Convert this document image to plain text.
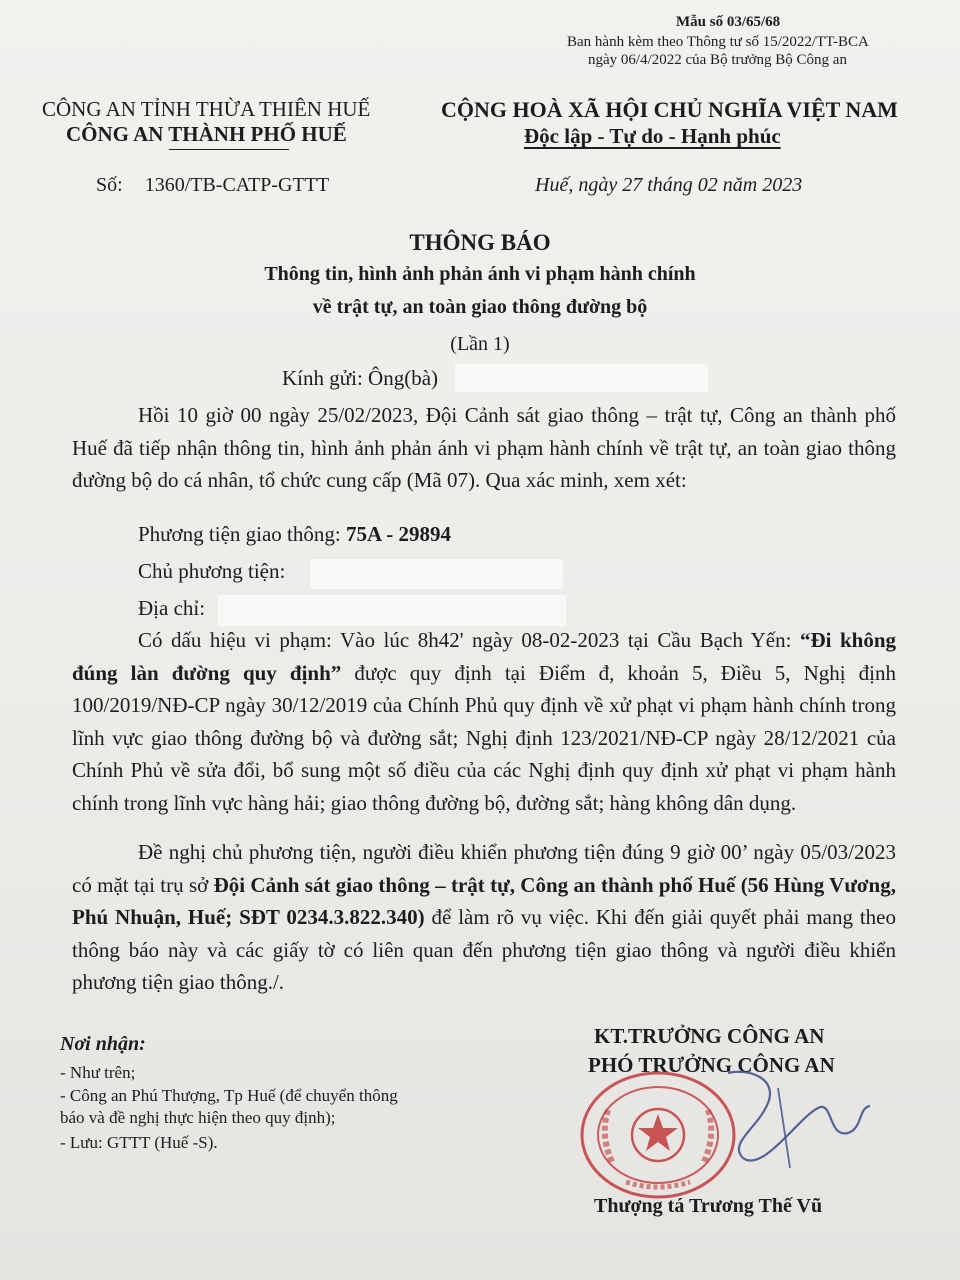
Mẫu số 03/65/68
Ban hành kèm theo Thông tư số 15/2022/TT-BCA
ngày 06/4/2022 của Bộ trưởng Bộ Công an
CÔNG AN TỈNH THỪA THIÊN HUẾ
CÔNG AN THÀNH PHỐ HUẾ
CỘNG HOÀ XÃ HỘI CHỦ NGHĨA VIỆT NAM
Độc lập - Tự do - Hạnh phúc
Số: 1360/TB-CATP-GTTT	Huế, ngày 27 tháng 02 năm 2023
THÔNG BÁO
Thông tin, hình ảnh phản ánh vi phạm hành chính
về trật tự, an toàn giao thông đường bộ
(Lần 1)
Kính gửi: Ông(bà)
Hồi 10 giờ 00 ngày 25/02/2023, Đội Cảnh sát giao thông – trật tự, Công an thành phố Huế đã tiếp nhận thông tin, hình ảnh phản ánh vi phạm hành chính về trật tự, an toàn giao thông đường bộ do cá nhân, tổ chức cung cấp (Mã 07). Qua xác minh, xem xét:
Phương tiện giao thông: 75A - 29894
Chủ phương tiện:
Địa chỉ:
Có dấu hiệu vi phạm: Vào lúc 8h42' ngày 08-02-2023 tại Cầu Bạch Yến: “Đi không đúng làn đường quy định” được quy định tại Điểm đ, khoản 5, Điều 5, Nghị định 100/2019/NĐ-CP ngày 30/12/2019 của Chính Phủ quy định về xử phạt vi phạm hành chính trong lĩnh vực giao thông đường bộ và đường sắt; Nghị định 123/2021/NĐ-CP ngày 28/12/2021 của Chính Phủ về sửa đổi, bổ sung một số điều của các Nghị định quy định xử phạt vi phạm hành chính trong lĩnh vực hàng hải; giao thông đường bộ, đường sắt; hàng không dân dụng.
Đề nghị chủ phương tiện, người điều khiển phương tiện đúng 9 giờ 00’ ngày 05/03/2023 có mặt tại trụ sở Đội Cảnh sát giao thông – trật tự, Công an thành phố Huế (56 Hùng Vương, Phú Nhuận, Huế; SĐT 0234.3.822.340) để làm rõ vụ việc. Khi đến giải quyết phải mang theo thông báo này và các giấy tờ có liên quan đến phương tiện giao thông và người điều khiển phương tiện giao thông./.
Nơi nhận:
- Như trên;
- Công an Phú Thượng, Tp Huế (để chuyển thông
báo và đề nghị thực hiện theo quy định);
- Lưu: GTTT (Huế -S).
KT.TRƯỞNG CÔNG AN
PHÓ TRƯỞNG CÔNG AN
Thượng tá Trương Thế Vũ
